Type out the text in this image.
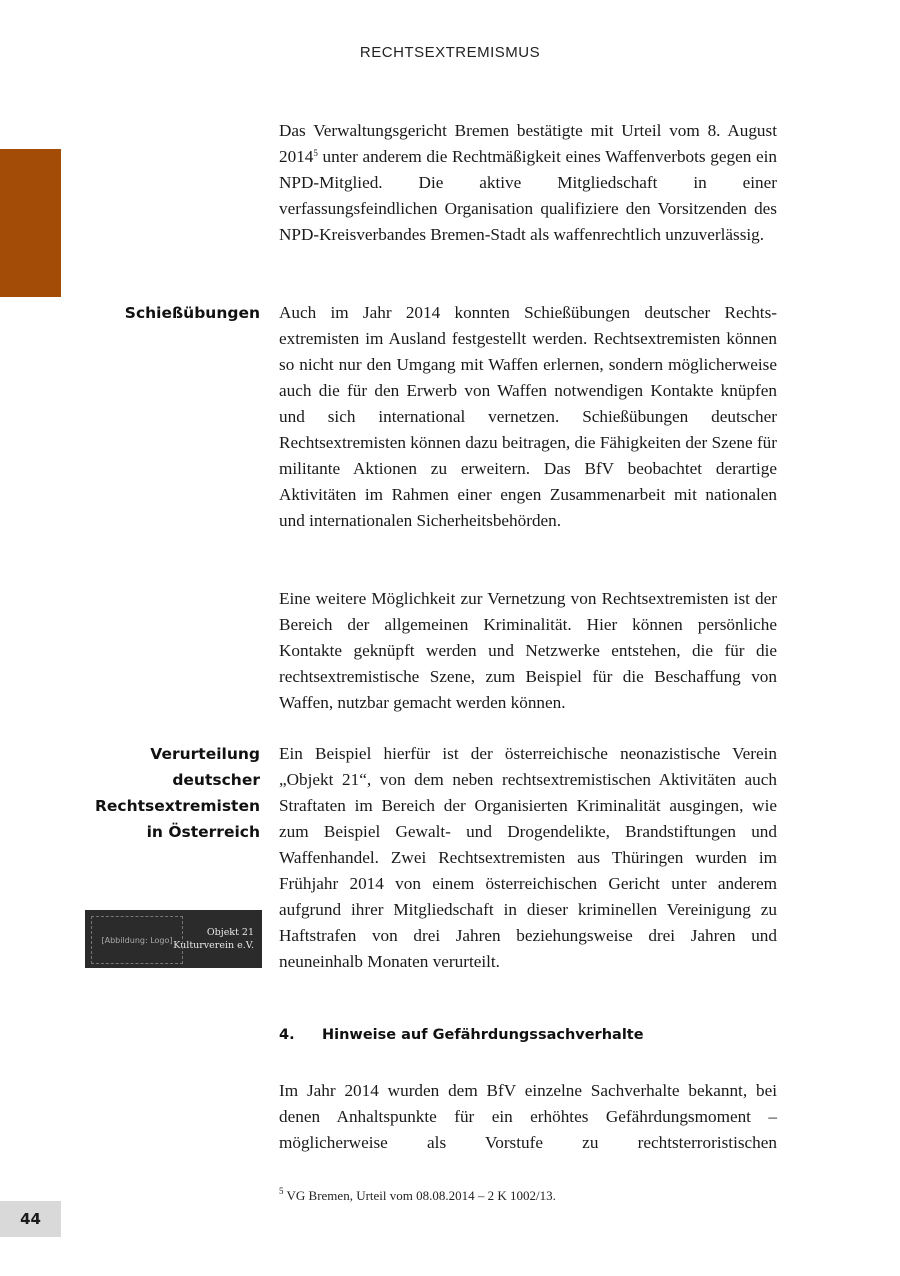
RECHTSEXTREMISMUS

Das Verwaltungsgericht Bremen bestätigte mit Urteil vom 8. August 2014$^5$ unter anderem die Rechtmäßigkeit eines Waffenverbots gegen ein NPD-Mitglied. Die aktive Mitgliedschaft in einer verfassungsfeindlichen Organisation qualifiziere den Vorsitzenden des NPD-Kreisverbandes Bremen-Stadt als waffenrechtlich unzuverlässig.

Schießübungen Auch im Jahr 2014 konnten Schießübungen deutscher Rechtsextremisten im Ausland festgestellt werden. Rechtsextremisten können so nicht nur den Umgang mit Waffen erlernen, sondern möglicherweise auch die für den Erwerb von Waffen notwendigen Kontakte knüpfen und sich international vernetzen. Schießübungen deutscher Rechtsextremisten können dazu beitragen, die Fähigkeiten der Szene für militante Aktionen zu erweitern. Das BfV beobachtet derartige Aktivitäten im Rahmen einer engen Zusammenarbeit mit nationalen und internationalen Sicherheitsbehörden.

Eine weitere Möglichkeit zur Vernetzung von Rechtsextremisten ist der Bereich der allgemeinen Kriminalität. Hier können persönliche Kontakte geknüpft werden und Netzwerke entstehen, die für die rechtsextremistische Szene, zum Beispiel für die Beschaffung von Waffen, nutzbar gemacht werden können.

Verurteilung
deutscher
Rechtsextremisten
in Österreich

Ein Beispiel hierfür ist der österreichische neonazistische Verein „Objekt 21“, von dem neben rechtsextremistischen Aktivitäten auch Straftaten im Bereich der Organisierten Kriminalität ausgingen, wie zum Beispiel Gewalt- und Drogendelikte, Brandstiftungen und Waffenhandel. Zwei Rechtsextremisten aus Thüringen wurden im Frühjahr 2014 von einem österreichischen Gericht unter anderem aufgrund ihrer Mitgliedschaft in dieser kriminellen Vereinigung zu Haftstrafen von drei Jahren beziehungsweise drei Jahren und neuneinhalb Monaten verurteilt.

[Abbildung: Logo]
Objekt 21
Kulturverein e.V.
4. Hinweise auf Gefährdungssachverhalte

Im Jahr 2014 wurden dem BfV einzelne Sachverhalte bekannt, bei denen Anhaltspunkte für ein erhöhtes Gefährdungsmoment – möglicherweise als Vorstufe zu rechtsterroristischen

$^5$ VG Bremen, Urteil vom 08.08.2014 – 2 K 1002/13.
44
